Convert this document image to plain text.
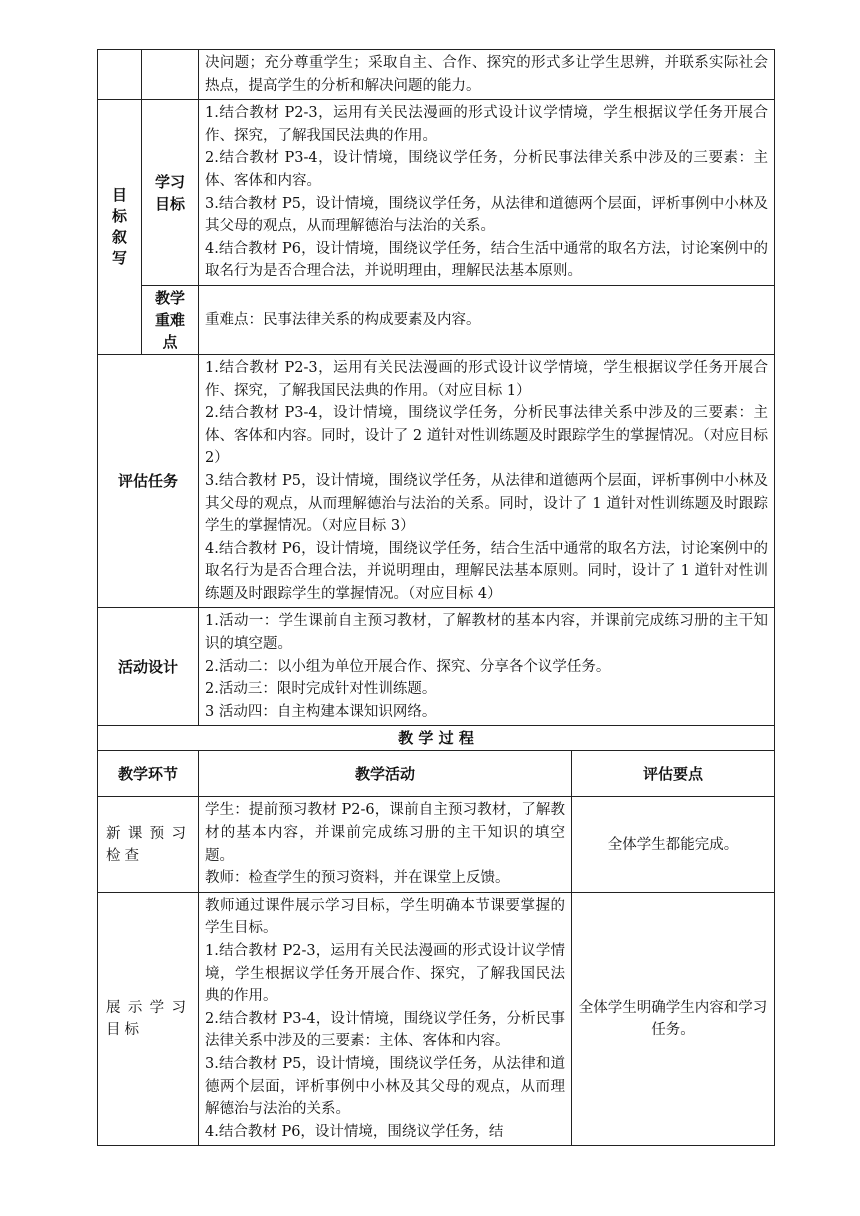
		决问题；充分尊重学生；采取自主、合作、探究的形式多让学生思辨，并联系实际社会热点，提高学生的分析和解决问题的能力。

目标叙写	学习目标	1.结合教材 P2-3，运用有关民法漫画的形式设计议学情境，学生根据议学任务开展合作、探究，了解我国民法典的作用。

2.结合教材 P3-4，设计情境，围绕议学任务，分析民事法律关系中涉及的三要素：主体、客体和内容。

3.结合教材 P5，设计情境，围绕议学任务，从法律和道德两个层面，评析事例中小林及其父母的观点，从而理解德治与法治的关系。

4.结合教材 P6，设计情境，围绕议学任务，结合生活中通常的取名方法，讨论案例中的取名行为是否合理合法，并说明理由，理解民法基本原则。

	教学重难点	重难点：民事法律关系的构成要素及内容。

评估任务		1.结合教材 P2-3，运用有关民法漫画的形式设计议学情境，学生根据议学任务开展合作、探究，了解我国民法典的作用。（对应目标 1）

2.结合教材 P3-4，设计情境，围绕议学任务，分析民事法律关系中涉及的三要素：主体、客体和内容。同时，设计了 2 道针对性训练题及时跟踪学生的掌握情况。（对应目标 2）

3.结合教材 P5，设计情境，围绕议学任务，从法律和道德两个层面，评析事例中小林及其父母的观点，从而理解德治与法治的关系。同时，设计了 1 道针对性训练题及时跟踪学生的掌握情况。（对应目标 3）

4.结合教材 P6，设计情境，围绕议学任务，结合生活中通常的取名方法，讨论案例中的取名行为是否合理合法，并说明理由，理解民法基本原则。同时，设计了 1 道针对性训练题及时跟踪学生的掌握情况。（对应目标 4）

活动设计		1.活动一：学生课前自主预习教材，了解教材的基本内容，并课前完成练习册的主干知识的填空题。

2.活动二：以小组为单位开展合作、探究、分享各个议学任务。

2.活动三：限时完成针对性训练题。

3 活动四：自主构建本课知识网络。

教 学 过 程		
教学环节	教学活动	评估要点
新课预习检查	学生：提前预习教材 P2-6，课前自主预习教材，了解教材的基本内容，并课前完成练习册的主干知识的填空题。

教师：检查学生的预习资料，并在课堂上反馈。	全体学生都能完成。
展示学习目标	教师通过课件展示学习目标，学生明确本节课要掌握的学生目标。

1.结合教材 P2-3，运用有关民法漫画的形式设计议学情境，学生根据议学任务开展合作、探究，了解我国民法典的作用。

2.结合教材 P3-4，设计情境，围绕议学任务，分析民事法律关系中涉及的三要素：主体、客体和内容。

3.结合教材 P5，设计情境，围绕议学任务，从法律和道德两个层面，评析事例中小林及其父母的观点，从而理解德治与法治的关系。

4.结合教材 P6，设计情境，围绕议学任务，结	全体学生明确学生内容和学习任务。
